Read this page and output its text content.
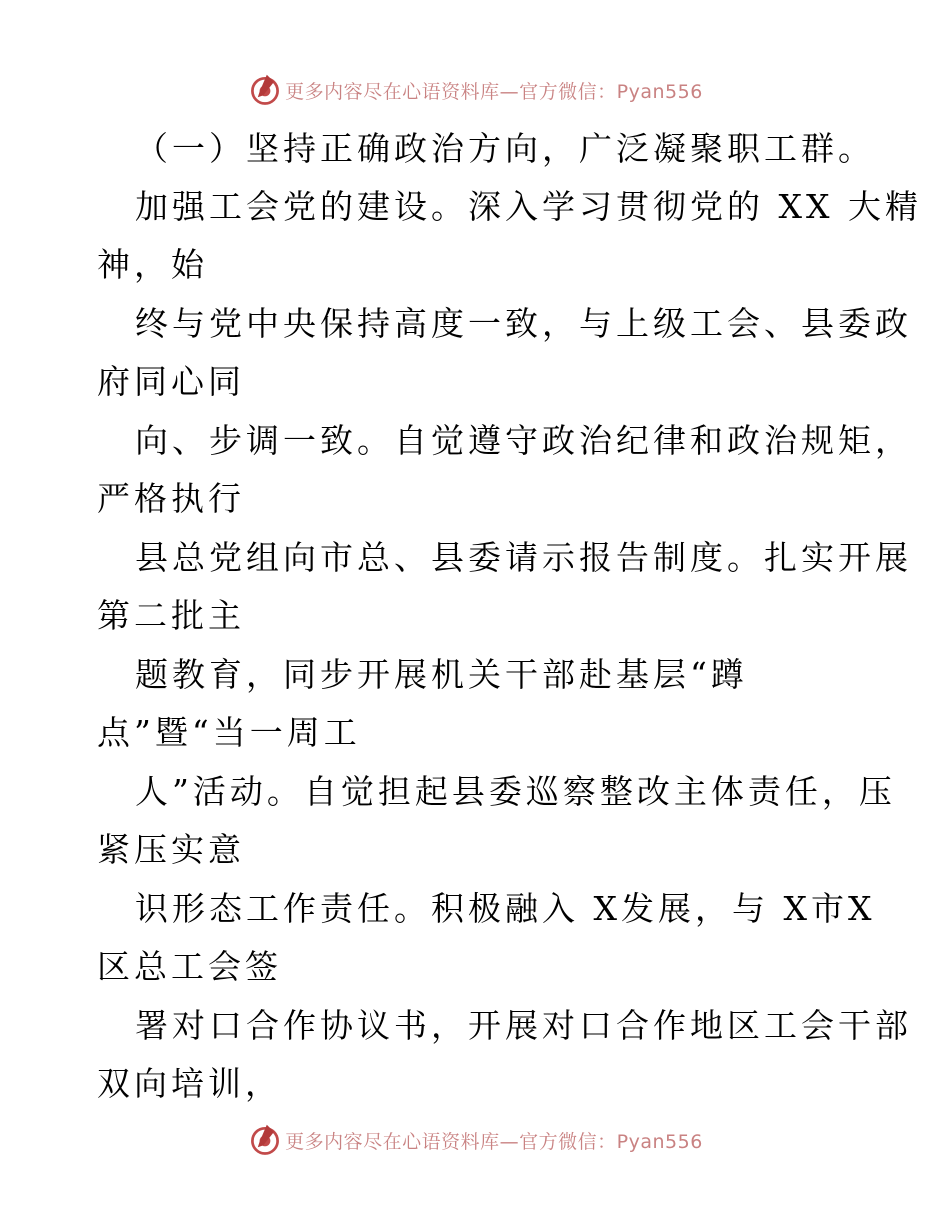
更多内容尽在心语资料库—官方微信：Pyan556
（一）坚持正确政治方向，广泛凝聚职工群。
加强工会党的建设。深入学习贯彻党的 XX 大精
神，始
终与党中央保持高度一致，与上级工会、县委政
府同心同
向、步调一致。自觉遵守政治纪律和政治规矩，
严格执行
县总党组向市总、县委请示报告制度。扎实开展
第二批主
题教育，同步开展机关干部赴基层“蹲
点”暨“当一周工
人”活动。自觉担起县委巡察整改主体责任，压
紧压实意
识形态工作责任。积极融入 X发展，与 X市X
区总工会签
署对口合作协议书，开展对口合作地区工会干部
双向培训，
更多内容尽在心语资料库—官方微信：Pyan556
